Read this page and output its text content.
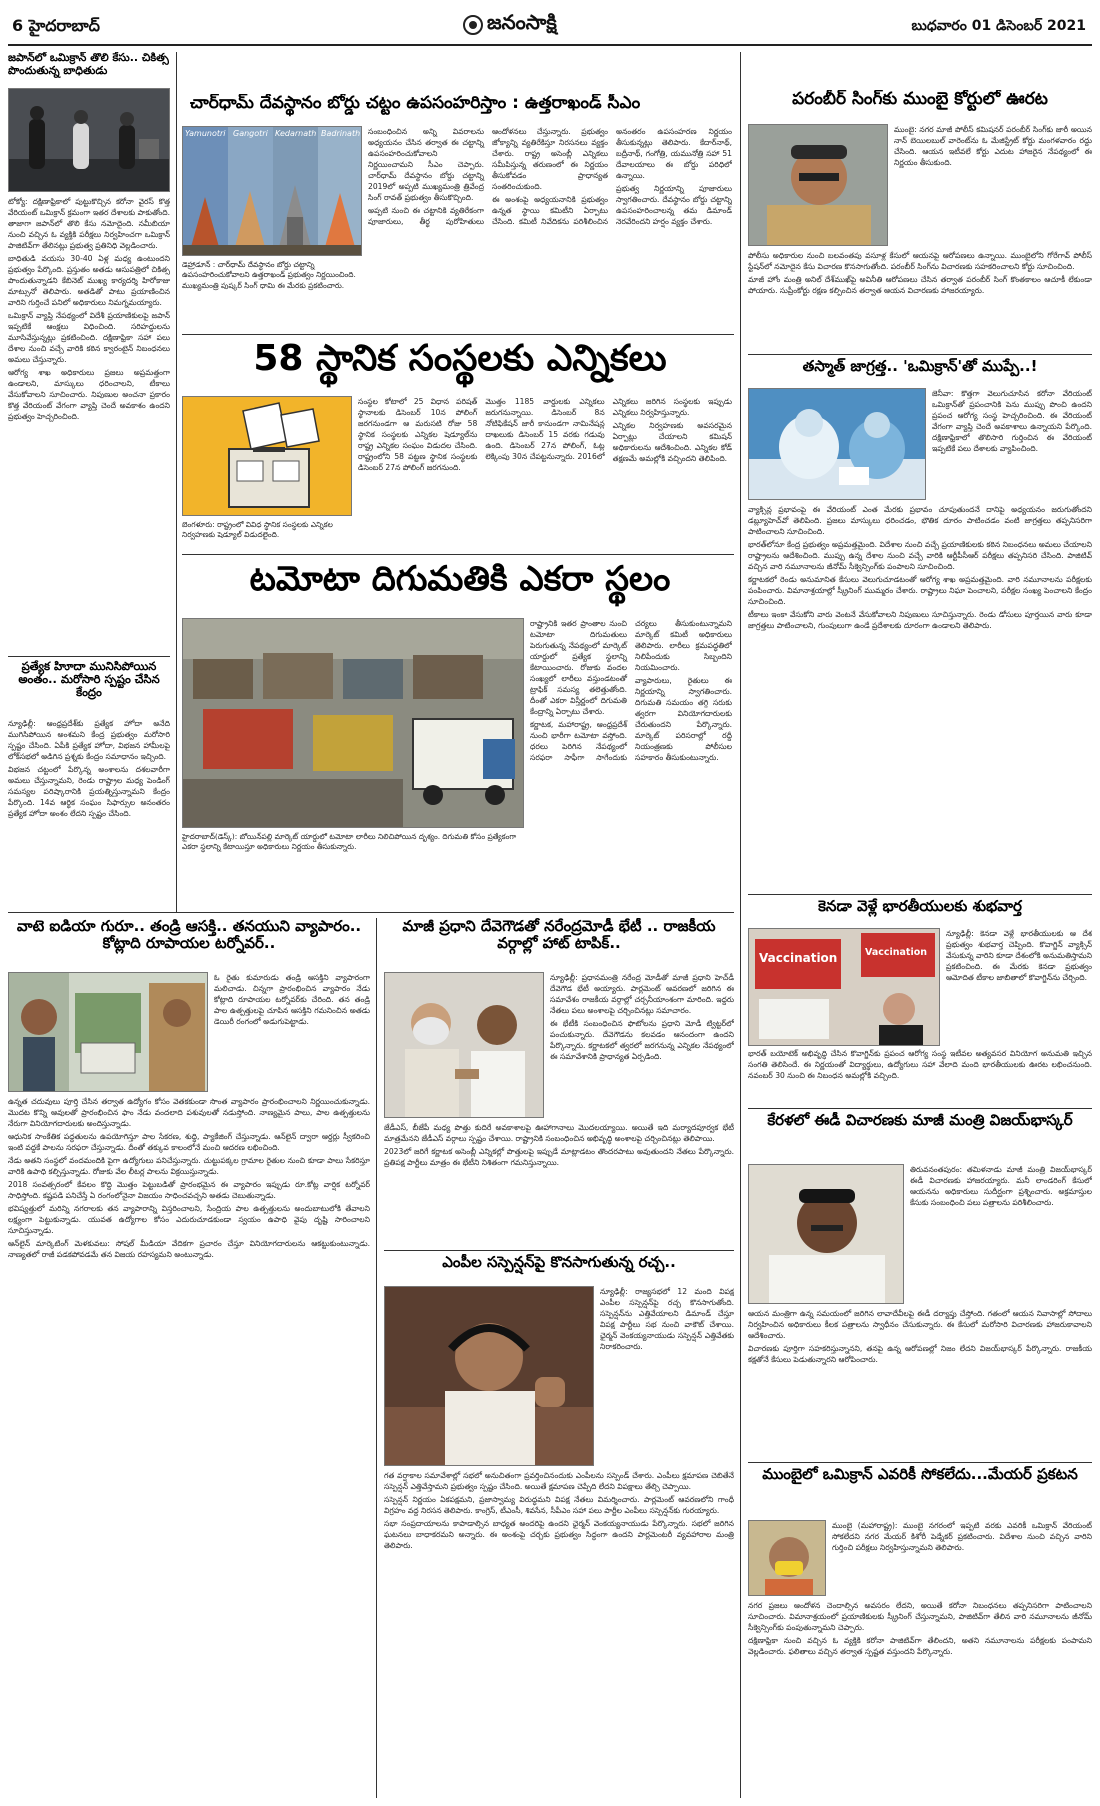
6 హైదరాబాద్	జనంసాక్షి	బుధవారం 01 డిసెంబర్ 2021
జపాన్‌లో ఒమిక్రాన్ తొలి కేసు.. చికిత్స పొందుతున్న బాధితుడు

టోక్యో: దక్షిణాఫ్రికాలో పుట్టుకొచ్చిన కరోనా వైరస్‌ కొత్త వేరియంట్‌ ఒమిక్రాన్ క్రమంగా ఇతర దేశాలకు పాకుతోంది. తాజాగా జపాన్‌లో తొలి కేసు నమోదైంది. నమీబియా నుంచి వచ్చిన ఓ వ్యక్తికి పరీక్షలు నిర్వహించగా ఒమిక్రాన్ పాజిటివ్‌గా తేలినట్లు ప్రభుత్వ ప్రతినిధి వెల్లడించారు.

బాధితుడి వయసు 30-40 ఏళ్ల మధ్య ఉంటుందని ప్రభుత్వం పేర్కొంది. ప్రస్తుతం అతడు ఆసుపత్రిలో చికిత్స పొందుతున్నాడని కేబినెట్ ముఖ్య కార్యదర్శి హిరోకాజు మాట్సునో తెలిపారు. అతడితో పాటు ప్రయాణించిన వారిని గుర్తించే పనిలో అధికారులు నిమగ్నమయ్యారు.

ఒమిక్రాన్ వ్యాప్తి నేపథ్యంలో విదేశీ ప్రయాణికులపై జపాన్ ఇప్పటికే ఆంక్షలు విధించింది. సరిహద్దులను మూసివేస్తున్నట్లు ప్రకటించింది. దక్షిణాఫ్రికా సహా పలు దేశాల నుంచి వచ్చే వారికి కఠిన క్వారంటైన్ నిబంధనలు అమలు చేస్తున్నారు.

ఆరోగ్య శాఖ అధికారులు ప్రజలు అప్రమత్తంగా ఉండాలని, మాస్కులు ధరించాలని, టీకాలు వేసుకోవాలని సూచించారు. నిపుణుల అంచనా ప్రకారం కొత్త వేరియంట్ వేగంగా వ్యాప్తి చెందే అవకాశం ఉందని ప్రభుత్వం హెచ్చరించింది.

ప్రత్యేక హిూదా మునిసిపోయిన అంతం.. మరోసారి స్పష్టం చేసిన కేంద్రం

న్యూఢిల్లీ: ఆంధ్రప్రదేశ్‌కు ప్రత్యేక హోదా అనేది ముగిసిపోయిన అంశమని కేంద్ర ప్రభుత్వం మరోసారి స్పష్టం చేసింది. ఏపీకి ప్రత్యేక హోదా, విభజన హామీలపై లోక్‌సభలో అడిగిన ప్రశ్నకు కేంద్రం సమాధానం ఇచ్చింది.

విభజన చట్టంలో పేర్కొన్న అంశాలను దశలవారీగా అమలు చేస్తున్నామని, రెండు రాష్ట్రాల మధ్య పెండింగ్ సమస్యల పరిష్కారానికి ప్రయత్నిస్తున్నామని కేంద్రం పేర్కొంది. 14వ ఆర్థిక సంఘం సిఫార్సుల అనంతరం ప్రత్యేక హోదా అంశం లేదని స్పష్టం చేసింది.

చార్‌ధామ్ దేవస్థానం బోర్డు చట్టం ఉపసంహరిస్తాం : ఉత్తరాఖండ్ సీఎం
Yamunotri Gangotri Kedarnath Badrinath
డెహ్రాడూన్ : చార్‌ధామ్ దేవస్థానం బోర్డు చట్టాన్ని ఉపసంహరించుకోవాలని ఉత్తరాఖండ్ ప్రభుత్వం నిర్ణయించింది. ముఖ్యమంత్రి పుష్కర్ సింగ్ ధామి ఈ మేరకు ప్రకటించారు.

సంబంధించిన అన్ని వివరాలను అధ్యయనం చేసిన తర్వాత ఈ చట్టాన్ని ఉపసంహరించుకోవాలని నిర్ణయించామని సీఎం చెప్పారు. చార్‌ధామ్ దేవస్థానం బోర్డు చట్టాన్ని 2019లో అప్పటి ముఖ్యమంత్రి త్రివేంద్ర సింగ్ రావత్ ప్రభుత్వం తీసుకొచ్చింది.

అప్పటి నుంచి ఈ చట్టానికి వ్యతిరేకంగా పూజారులు, తీర్థ పురోహితులు ఆందోళనలు చేస్తున్నారు. ప్రభుత్వం జోక్యాన్ని వ్యతిరేకిస్తూ నిరసనలు వ్యక్తం చేశారు. రాష్ట్ర అసెంబ్లీ ఎన్నికలు సమీపిస్తున్న తరుణంలో ఈ నిర్ణయం తీసుకోవడం ప్రాధాన్యత సంతరించుకుంది.

ఈ అంశంపై అధ్యయనానికి ప్రభుత్వం ఉన్నత స్థాయి కమిటీని ఏర్పాటు చేసింది. కమిటీ నివేదికను పరిశీలించిన అనంతరం ఉపసంహరణ నిర్ణయం తీసుకున్నట్లు తెలిపారు. కేదార్‌నాథ్, బద్రీనాథ్, గంగోత్రి, యమునోత్రి సహా 51 దేవాలయాలు ఈ బోర్డు పరిధిలో ఉన్నాయి.

ప్రభుత్వ నిర్ణయాన్ని పూజారులు స్వాగతించారు. దేవస్థానం బోర్డు చట్టాన్ని ఉపసంహరించాలన్న తమ డిమాండ్ నెరవేరిందని హర్షం వ్యక్తం చేశారు.

58 స్థానిక సంస్థలకు ఎన్నికలు
బెంగళూరు: రాష్ట్రంలో వివిధ స్థానిక సంస్థలకు ఎన్నికల నిర్వహణకు షెడ్యూల్ విడుదలైంది.

సంస్థల కోటాలో 25 విధాన పరిషత్ స్థానాలకు డిసెంబర్ 10న పోలింగ్ జరగనుండగా ఆ మరుసటి రోజు 58 స్థానిక సంస్థలకు ఎన్నికల షెడ్యూల్‌ను రాష్ట్ర ఎన్నికల సంఘం విడుదల చేసింది. రాష్ట్రంలోని 58 పట్టణ స్థానిక సంస్థలకు డిసెంబర్ 27న పోలింగ్ జరగనుంది.

మొత్తం 1185 వార్డులకు ఎన్నికలు జరుగనున్నాయి. డిసెంబర్ 8న నోటిఫికేషన్ జారీ కానుండగా నామినేషన్ల దాఖలుకు డిసెంబర్ 15 వరకు గడువు ఉంది. డిసెంబర్ 27న పోలింగ్, ఓట్ల లెక్కింపు 30న చేపట్టనున్నారు. 2016లో ఎన్నికలు జరిగిన సంస్థలకు ఇప్పుడు ఎన్నికలు నిర్వహిస్తున్నారు.

ఎన్నికల నిర్వహణకు అవసరమైన ఏర్పాట్లు చేయాలని కమిషన్ అధికారులను ఆదేశించింది. ఎన్నికల కోడ్ తక్షణమే అమల్లోకి వచ్చిందని తెలిపింది.

టమోటా దిగుమతికి ఎకరా స్థలం
హైదరాబాద్(డెస్క్): బోయిన్‌పల్లి మార్కెట్ యార్డులో టమోటా లారీలు నిలిచిపోయిన దృశ్యం. దిగుమతి కోసం ప్రత్యేకంగా ఎకరా స్థలాన్ని కేటాయిస్తూ అధికారులు నిర్ణయం తీసుకున్నారు.

రాష్ట్రానికి ఇతర ప్రాంతాల నుంచి టమోటా దిగుమతులు పెరుగుతున్న నేపథ్యంలో మార్కెట్ యార్డులో ప్రత్యేక స్థలాన్ని కేటాయించారు. రోజుకు వందల సంఖ్యలో లారీలు వస్తుండటంతో ట్రాఫిక్ సమస్య తలెత్తుతోంది. దీంతో ఎకరా విస్తీర్ణంలో దిగుమతి కేంద్రాన్ని ఏర్పాటు చేశారు.

కర్ణాటక, మహారాష్ట్ర, ఆంధ్రప్రదేశ్ నుంచి భారీగా టమోటా వస్తోంది. ధరలు పెరిగిన నేపథ్యంలో సరఫరా సాఫీగా సాగేందుకు చర్యలు తీసుకుంటున్నామని మార్కెట్ కమిటీ అధికారులు తెలిపారు. లారీలు క్రమపద్ధతిలో నిలిపేందుకు సిబ్బందిని నియమించారు.

వ్యాపారులు, రైతులు ఈ నిర్ణయాన్ని స్వాగతించారు. దిగుమతి సమయం తగ్గి సరుకు త్వరగా వినియోగదారులకు చేరుతుందని పేర్కొన్నారు. మార్కెట్ పరిసరాల్లో రద్దీ నియంత్రణకు పోలీసుల సహకారం తీసుకుంటున్నారు.

పరంబీర్ సింగ్‌కు ముంబై కోర్టులో ఊరట

ముంబై: నగర మాజీ పోలీస్ కమిషనర్ పరంబీర్ సింగ్‌కు జారీ అయిన నాన్ బెయిలబుల్ వారెంట్‌ను ఓ మేజిస్ట్రేట్ కోర్టు మంగళవారం రద్దు చేసింది. ఆయన ఇటీవలే కోర్టు ఎదుట హాజరైన నేపథ్యంలో ఈ నిర్ణయం తీసుకుంది.

పోలీసు అధికారుల నుంచి బలవంతపు వసూళ్ల కేసులో ఆయనపై ఆరోపణలు ఉన్నాయి. ముంబైలోని గోరేగావ్ పోలీస్ స్టేషన్‌లో నమోదైన కేసు విచారణ కొనసాగుతోంది. పరంబీర్ సింగ్‌ను విచారణకు సహకరించాలని కోర్టు సూచించింది.

మాజీ హోం మంత్రి అనిల్ దేశ్‌ముఖ్‌పై అవినీతి ఆరోపణలు చేసిన తర్వాత పరంబీర్ సింగ్ కొంతకాలం ఆచూకీ లేకుండా పోయారు. సుప్రీంకోర్టు రక్షణ కల్పించిన తర్వాత ఆయన విచారణకు హాజరయ్యారు.

తస్మాత్ జాగ్రత్త.. 'ఒమిక్రాన్'తో ముప్పే..!

జెనీవా: కొత్తగా వెలుగుచూసిన కరోనా వేరియంట్ ఒమిక్రాన్‌తో ప్రపంచానికి పెను ముప్పు పొంచి ఉందని ప్రపంచ ఆరోగ్య సంస్థ హెచ్చరించింది. ఈ వేరియంట్ వేగంగా వ్యాప్తి చెందే అవకాశాలు ఉన్నాయని పేర్కొంది. దక్షిణాఫ్రికాలో తొలిసారి గుర్తించిన ఈ వేరియంట్ ఇప్పటికే పలు దేశాలకు వ్యాపించింది.

వ్యాక్సిన్ల ప్రభావంపై ఈ వేరియంట్ ఎంత మేరకు ప్రభావం చూపుతుందనే దానిపై అధ్యయనం జరుగుతోందని డబ్ల్యూహెచ్‌వో తెలిపింది. ప్రజలు మాస్కులు ధరించడం, భౌతిక దూరం పాటించడం వంటి జాగ్రత్తలు తప్పనిసరిగా పాటించాలని సూచించింది.

భారత్‌లోనూ కేంద్ర ప్రభుత్వం అప్రమత్తమైంది. విదేశాల నుంచి వచ్చే ప్రయాణికులకు కఠిన నిబంధనలు అమలు చేయాలని రాష్ట్రాలను ఆదేశించింది. ముప్పు ఉన్న దేశాల నుంచి వచ్చే వారికి ఆర్టీపీసీఆర్ పరీక్షలు తప్పనిసరి చేసింది. పాజిటివ్ వచ్చిన వారి నమూనాలను జీనోమ్ సీక్వెన్సింగ్‌కు పంపాలని సూచించింది.

కర్ణాటకలో రెండు అనుమానిత కేసులు వెలుగుచూడటంతో ఆరోగ్య శాఖ అప్రమత్తమైంది. వారి నమూనాలను పరీక్షలకు పంపించారు. విమానాశ్రయాల్లో స్క్రీనింగ్ ముమ్మరం చేశారు. రాష్ట్రాలు నిఘా పెంచాలని, పరీక్షల సంఖ్య పెంచాలని కేంద్రం సూచించింది.

టీకాలు ఇంకా వేసుకోని వారు వెంటనే వేసుకోవాలని నిపుణులు సూచిస్తున్నారు. రెండు డోసులు పూర్తయిన వారు కూడా జాగ్రత్తలు పాటించాలని, గుంపులుగా ఉండే ప్రదేశాలకు దూరంగా ఉండాలని తెలిపారు.

కెనడా వెళ్లే భారతీయులకు శుభవార్త
Vaccination	Vaccination

న్యూఢిల్లీ: కెనడా వెళ్లే భారతీయులకు ఆ దేశ ప్రభుత్వం శుభవార్త చెప్పింది. కొవాగ్జిన్ వ్యాక్సిన్ వేసుకున్న వారిని కూడా దేశంలోకి అనుమతిస్తామని ప్రకటించింది. ఈ మేరకు కెనడా ప్రభుత్వం ఆమోదిత టీకాల జాబితాలో కొవాగ్జిన్‌ను చేర్చింది.

భారత్ బయోటెక్ అభివృద్ధి చేసిన కొవాగ్జిన్‌కు ప్రపంచ ఆరోగ్య సంస్థ ఇటీవల అత్యవసర వినియోగ అనుమతి ఇచ్చిన సంగతి తెలిసిందే. ఈ నిర్ణయంతో విద్యార్థులు, ఉద్యోగులు సహా వేలాది మంది భారతీయులకు ఊరట లభించనుంది. నవంబర్ 30 నుంచి ఈ నిబంధన అమల్లోకి వచ్చింది.

కేరళలో ఈడీ విచారణకు మాజీ మంత్రి విజయ్‌భాస్కర్

తిరువనంతపురం: తమిళనాడు మాజీ మంత్రి విజయ్‌భాస్కర్ ఈడీ విచారణకు హాజరయ్యారు. మనీ లాండరింగ్ కేసులో ఆయనను అధికారులు సుదీర్ఘంగా ప్రశ్నించారు. అక్రమాస్తుల కేసుకు సంబంధించి పలు పత్రాలను పరిశీలించారు.

ఆయన మంత్రిగా ఉన్న సమయంలో జరిగిన లావాదేవీలపై ఈడీ దర్యాప్తు చేస్తోంది. గతంలో ఆయన నివాసాల్లో సోదాలు నిర్వహించిన అధికారులు కీలక పత్రాలను స్వాధీనం చేసుకున్నారు. ఈ కేసులో మరోసారి విచారణకు హాజరుకావాలని ఆదేశించారు.

విచారణకు పూర్తిగా సహకరిస్తున్నానని, తనపై ఉన్న ఆరోపణల్లో నిజం లేదని విజయ్‌భాస్కర్ పేర్కొన్నారు. రాజకీయ కక్షతోనే కేసులు పెడుతున్నారని ఆరోపించారు.

ముంబైలో ఒమిక్రాన్ ఎవరికీ సోకలేదు...మేయర్ ప్రకటన

ముంబై (మహారాష్ట్ర): ముంబై నగరంలో ఇప్పటి వరకు ఎవరికీ ఒమిక్రాన్ వేరియంట్ సోకలేదని నగర మేయర్ కిశోరీ పెడ్నేకర్ ప్రకటించారు. విదేశాల నుంచి వచ్చిన వారిని గుర్తించి పరీక్షలు నిర్వహిస్తున్నామని తెలిపారు.

నగర ప్రజలు ఆందోళన చెందాల్సిన అవసరం లేదని, అయితే కరోనా నిబంధనలు తప్పనిసరిగా పాటించాలని సూచించారు. విమానాశ్రయంలో ప్రయాణికులకు స్క్రీనింగ్ చేస్తున్నామని, పాజిటివ్‌గా తేలిన వారి నమూనాలను జీనోమ్ సీక్వెన్సింగ్‌కు పంపుతున్నామని చెప్పారు.

దక్షిణాఫ్రికా నుంచి వచ్చిన ఓ వ్యక్తికి కరోనా పాజిటివ్‌గా తేలిందని, అతని నమూనాలను పరీక్షలకు పంపామని వెల్లడించారు. ఫలితాలు వచ్చిన తర్వాత స్పష్టత వస్తుందని పేర్కొన్నారు.

వాటె ఐడియా గురూ.. తండ్రి ఆసక్తి.. తనయుని వ్యాపారం.. కోట్లాది రూపాయల టర్నోవర్..

ఓ రైతు కుమారుడు తండ్రి ఆసక్తిని వ్యాపారంగా మలిచాడు. చిన్నగా ప్రారంభించిన వ్యాపారం నేడు కోట్లాది రూపాయల టర్నోవర్‌కు చేరింది. తన తండ్రి పాల ఉత్పత్తులపై చూపిన ఆసక్తిని గమనించిన అతడు డెయిరీ రంగంలో అడుగుపెట్టాడు.

ఉన్నత చదువులు పూర్తి చేసిన తర్వాత ఉద్యోగం కోసం వెతకకుండా సొంత వ్యాపారం ప్రారంభించాలని నిర్ణయించుకున్నాడు. మొదట కొన్ని ఆవులతో ప్రారంభించిన ఫాం నేడు వందలాది పశువులతో నడుస్తోంది. నాణ్యమైన పాలు, పాల ఉత్పత్తులను నేరుగా వినియోగదారులకు అందిస్తున్నాడు.

ఆధునిక సాంకేతిక పద్ధతులను ఉపయోగిస్తూ పాల సేకరణ, శుద్ధి, ప్యాకేజింగ్ చేస్తున్నాడు. ఆన్‌లైన్ ద్వారా ఆర్డర్లు స్వీకరించి ఇంటి వద్దకే పాలను సరఫరా చేస్తున్నాడు. దీంతో తక్కువ కాలంలోనే మంచి ఆదరణ లభించింది.

నేడు అతని సంస్థలో వందమందికి పైగా ఉద్యోగులు పనిచేస్తున్నారు. చుట్టుపక్కల గ్రామాల రైతుల నుంచి కూడా పాలు సేకరిస్తూ వారికి ఉపాధి కల్పిస్తున్నాడు. రోజుకు వేల లీటర్ల పాలను విక్రయిస్తున్నాడు.

2018 సంవత్సరంలో కేవలం కొద్ది మొత్తం పెట్టుబడితో ప్రారంభమైన ఈ వ్యాపారం ఇప్పుడు రూ.కోట్ల వార్షిక టర్నోవర్ సాధిస్తోంది. కష్టపడి పనిచేస్తే ఏ రంగంలోనైనా విజయం సాధించవచ్చని అతడు చెబుతున్నాడు.

భవిష్యత్తులో మరిన్ని నగరాలకు తన వ్యాపారాన్ని విస్తరించాలని, సేంద్రియ పాల ఉత్పత్తులను అందుబాటులోకి తేవాలని లక్ష్యంగా పెట్టుకున్నాడు. యువత ఉద్యోగాల కోసం ఎదురుచూడకుండా స్వయం ఉపాధి వైపు దృష్టి సారించాలని సూచిస్తున్నాడు.

ఆన్‌లైన్ మార్కెటింగ్ మెళకువలు: సోషల్ మీడియా వేదికగా ప్రచారం చేస్తూ వినియోగదారులను ఆకట్టుకుంటున్నాడు. నాణ్యతలో రాజీ పడకపోవడమే తన విజయ రహస్యమని అంటున్నాడు.

మాజీ ప్రధాని దేవెగౌడతో నరేంద్రమోడీ భేటీ .. రాజకీయ వర్గాల్లో హాట్ టాపిక్..

న్యూఢిల్లీ: ప్రధానమంత్రి నరేంద్ర మోడీతో మాజీ ప్రధాని హెచ్‌డీ దేవెగౌడ భేటీ అయ్యారు. పార్లమెంట్ ఆవరణలో జరిగిన ఈ సమావేశం రాజకీయ వర్గాల్లో చర్చనీయాంశంగా మారింది. ఇద్దరు నేతలు పలు అంశాలపై చర్చించినట్లు సమాచారం.

ఈ భేటీకి సంబంధించిన ఫొటోలను ప్రధాని మోడీ ట్విట్టర్‌లో పంచుకున్నారు. దేవెగౌడను కలవడం ఆనందంగా ఉందని పేర్కొన్నారు. కర్ణాటకలో త్వరలో జరగనున్న ఎన్నికల నేపథ్యంలో ఈ సమావేశానికి ప్రాధాన్యత ఏర్పడింది.

జేడీఎస్, బీజేపీ మధ్య పొత్తు కుదిరే అవకాశాలపై ఊహాగానాలు మొదలయ్యాయి. అయితే ఇది మర్యాదపూర్వక భేటీ మాత్రమేనని జేడీఎస్ వర్గాలు స్పష్టం చేశాయి. రాష్ట్రానికి సంబంధించిన అభివృద్ధి అంశాలపై చర్చించినట్లు తెలిపాయి.

2023లో జరిగే కర్ణాటక అసెంబ్లీ ఎన్నికల్లో పొత్తులపై ఇప్పుడే మాట్లాడటం తొందరపాటు అవుతుందని నేతలు పేర్కొన్నారు. ప్రతిపక్ష పార్టీలు మాత్రం ఈ భేటీని నిశితంగా గమనిస్తున్నాయి.

ఎంపీల సస్పెన్షన్‌పై కొనసాగుతున్న రచ్చ..

న్యూఢిల్లీ: రాజ్యసభలో 12 మంది విపక్ష ఎంపీల సస్పెన్షన్‌పై రచ్చ కొనసాగుతోంది. సస్పెన్షన్‌ను ఎత్తివేయాలని డిమాండ్ చేస్తూ విపక్ష పార్టీలు సభ నుంచి వాకౌట్ చేశాయి. ఛైర్మన్ వెంకయ్యనాయుడు సస్పెన్షన్ ఎత్తివేతకు నిరాకరించారు.

గత వర్షాకాల సమావేశాల్లో సభలో అనుచితంగా ప్రవర్తించినందుకు ఎంపీలను సస్పెండ్ చేశారు. ఎంపీలు క్షమాపణ చెబితేనే సస్పెన్షన్ ఎత్తివేస్తామని ప్రభుత్వం స్పష్టం చేసింది. అయితే క్షమాపణ చెప్పేది లేదని విపక్షాలు తేల్చి చెప్పాయి.

సస్పెన్షన్ నిర్ణయం ఏకపక్షమని, ప్రజాస్వామ్య విరుద్ధమని విపక్ష నేతలు విమర్శించారు. పార్లమెంట్ ఆవరణలోని గాంధీ విగ్రహం వద్ద నిరసన తెలిపారు. కాంగ్రెస్, టీఎంసీ, శివసేన, సీపీఎం సహా పలు పార్టీల ఎంపీలు సస్పెన్షన్‌కు గురయ్యారు.

సభా సంప్రదాయాలను కాపాడాల్సిన బాధ్యత అందరిపై ఉందని ఛైర్మన్ వెంకయ్యనాయుడు పేర్కొన్నారు. సభలో జరిగిన ఘటనలు బాధాకరమని అన్నారు. ఈ అంశంపై చర్చకు ప్రభుత్వం సిద్ధంగా ఉందని పార్లమెంటరీ వ్యవహారాల మంత్రి తెలిపారు.
